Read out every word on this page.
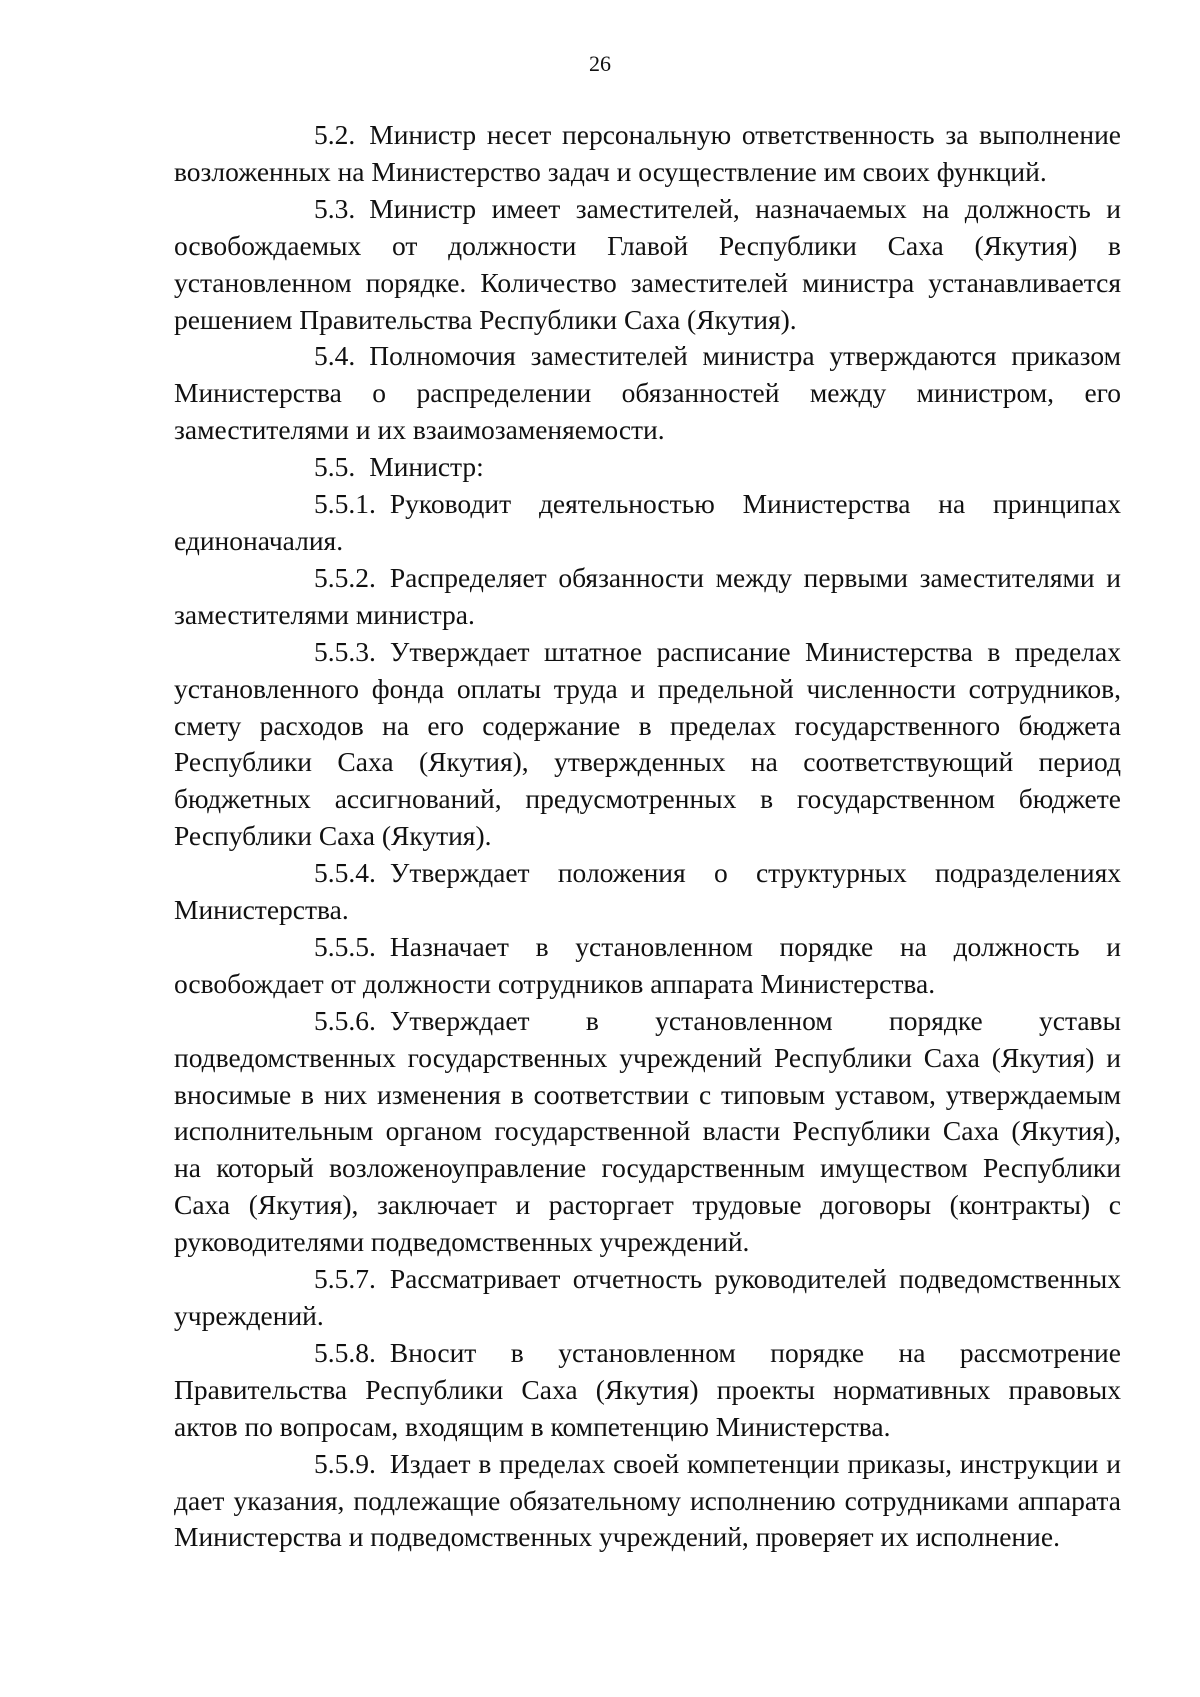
26

5.2. Министр несет персональную ответственность за выполнение возложенных на Министерство задач и осуществление им своих функций.

5.3. Министр имеет заместителей, назначаемых на должность и освобождаемых от должности Главой Республики Саха (Якутия) в установленном порядке. Количество заместителей министра устанавливается решением Правительства Республики Саха (Якутия).

5.4. Полномочия заместителей министра утверждаются приказом Министерства о распределении обязанностей между министром, его заместителями и их взаимозаменяемости.

5.5. Министр:

5.5.1. Руководит деятельностью Министерства на принципах единоначалия.

5.5.2. Распределяет обязанности между первыми заместителями и заместителями министра.

5.5.3. Утверждает штатное расписание Министерства в пределах установленного фонда оплаты труда и предельной численности сотрудников, смету расходов на его содержание в пределах государственного бюджета Республики Саха (Якутия), утвержденных на соответствующий период бюджетных ассигнований, предусмотренных в государственном бюджете Республики Саха (Якутия).

5.5.4. Утверждает положения о структурных подразделениях Министерства.

5.5.5. Назначает в установленном порядке на должность и освобождает от должности сотрудников аппарата Министерства.

5.5.6. Утверждает в установленном порядке уставы подведомственных государственных учреждений Республики Саха (Якутия) и вносимые в них изменения в соответствии с типовым уставом, утверждаемым исполнительным органом государственной власти Республики Саха (Якутия), на который возложеноуправление государственным имуществом Республики Саха (Якутия), заключает и расторгает трудовые договоры (контракты) с руководителями подведомственных учреждений.

5.5.7. Рассматривает отчетность руководителей подведомственных учреждений.

5.5.8. Вносит в установленном порядке на рассмотрение Правительства Республики Саха (Якутия) проекты нормативных правовых актов по вопросам, входящим в компетенцию Министерства.

5.5.9. Издает в пределах своей компетенции приказы, инструкции и дает указания, подлежащие обязательному исполнению сотрудниками аппарата Министерства и подведомственных учреждений, проверяет их исполнение.
